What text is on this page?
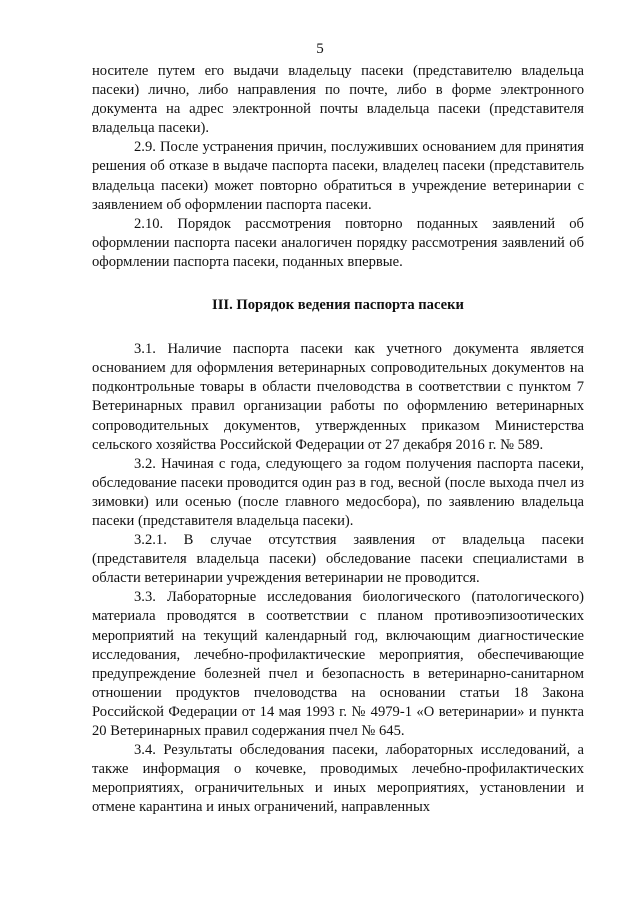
5

носителе путем его выдачи владельцу пасеки (представителю владельца пасеки) лично, либо направления по почте, либо в форме электронного документа на адрес электронной почты владельца пасеки (представителя владельца пасеки).

2.9. После устранения причин, послуживших основанием для принятия решения об отказе в выдаче паспорта пасеки, владелец пасеки (представитель владельца пасеки) может повторно обратиться в учреждение ветеринарии с заявлением об оформлении паспорта пасеки.

2.10. Порядок рассмотрения повторно поданных заявлений об оформлении паспорта пасеки аналогичен порядку рассмотрения заявлений об оформлении паспорта пасеки, поданных впервые.

III. Порядок ведения паспорта пасеки

3.1. Наличие паспорта пасеки как учетного документа является основанием для оформления ветеринарных сопроводительных документов на подконтрольные товары в области пчеловодства в соответствии с пунктом 7 Ветеринарных правил организации работы по оформлению ветеринарных сопроводительных документов, утвержденных приказом Министерства сельского хозяйства Российской Федерации от 27 декабря 2016 г. № 589.

3.2. Начиная с года, следующего за годом получения паспорта пасеки, обследование пасеки проводится один раз в год, весной (после выхода пчел из зимовки) или осенью (после главного медосбора), по заявлению владельца пасеки (представителя владельца пасеки).

3.2.1. В случае отсутствия заявления от владельца пасеки (представителя владельца пасеки) обследование пасеки специалистами в области ветеринарии учреждения ветеринарии не проводится.

3.3. Лабораторные исследования биологического (патологического) материала проводятся в соответствии с планом противоэпизоотических мероприятий на текущий календарный год, включающим диагностические исследования, лечебно-профилактические мероприятия, обеспечивающие предупреждение болезней пчел и безопасность в ветеринарно-санитарном отношении продуктов пчеловодства на основании статьи 18 Закона Российской Федерации от 14 мая 1993 г. № 4979-1 «О ветеринарии» и пункта 20 Ветеринарных правил содержания пчел № 645.

3.4. Результаты обследования пасеки, лабораторных исследований, а также информация о кочевке, проводимых лечебно-профилактических мероприятиях, ограничительных и иных мероприятиях, установлении и отмене карантина и иных ограничений, направленных
